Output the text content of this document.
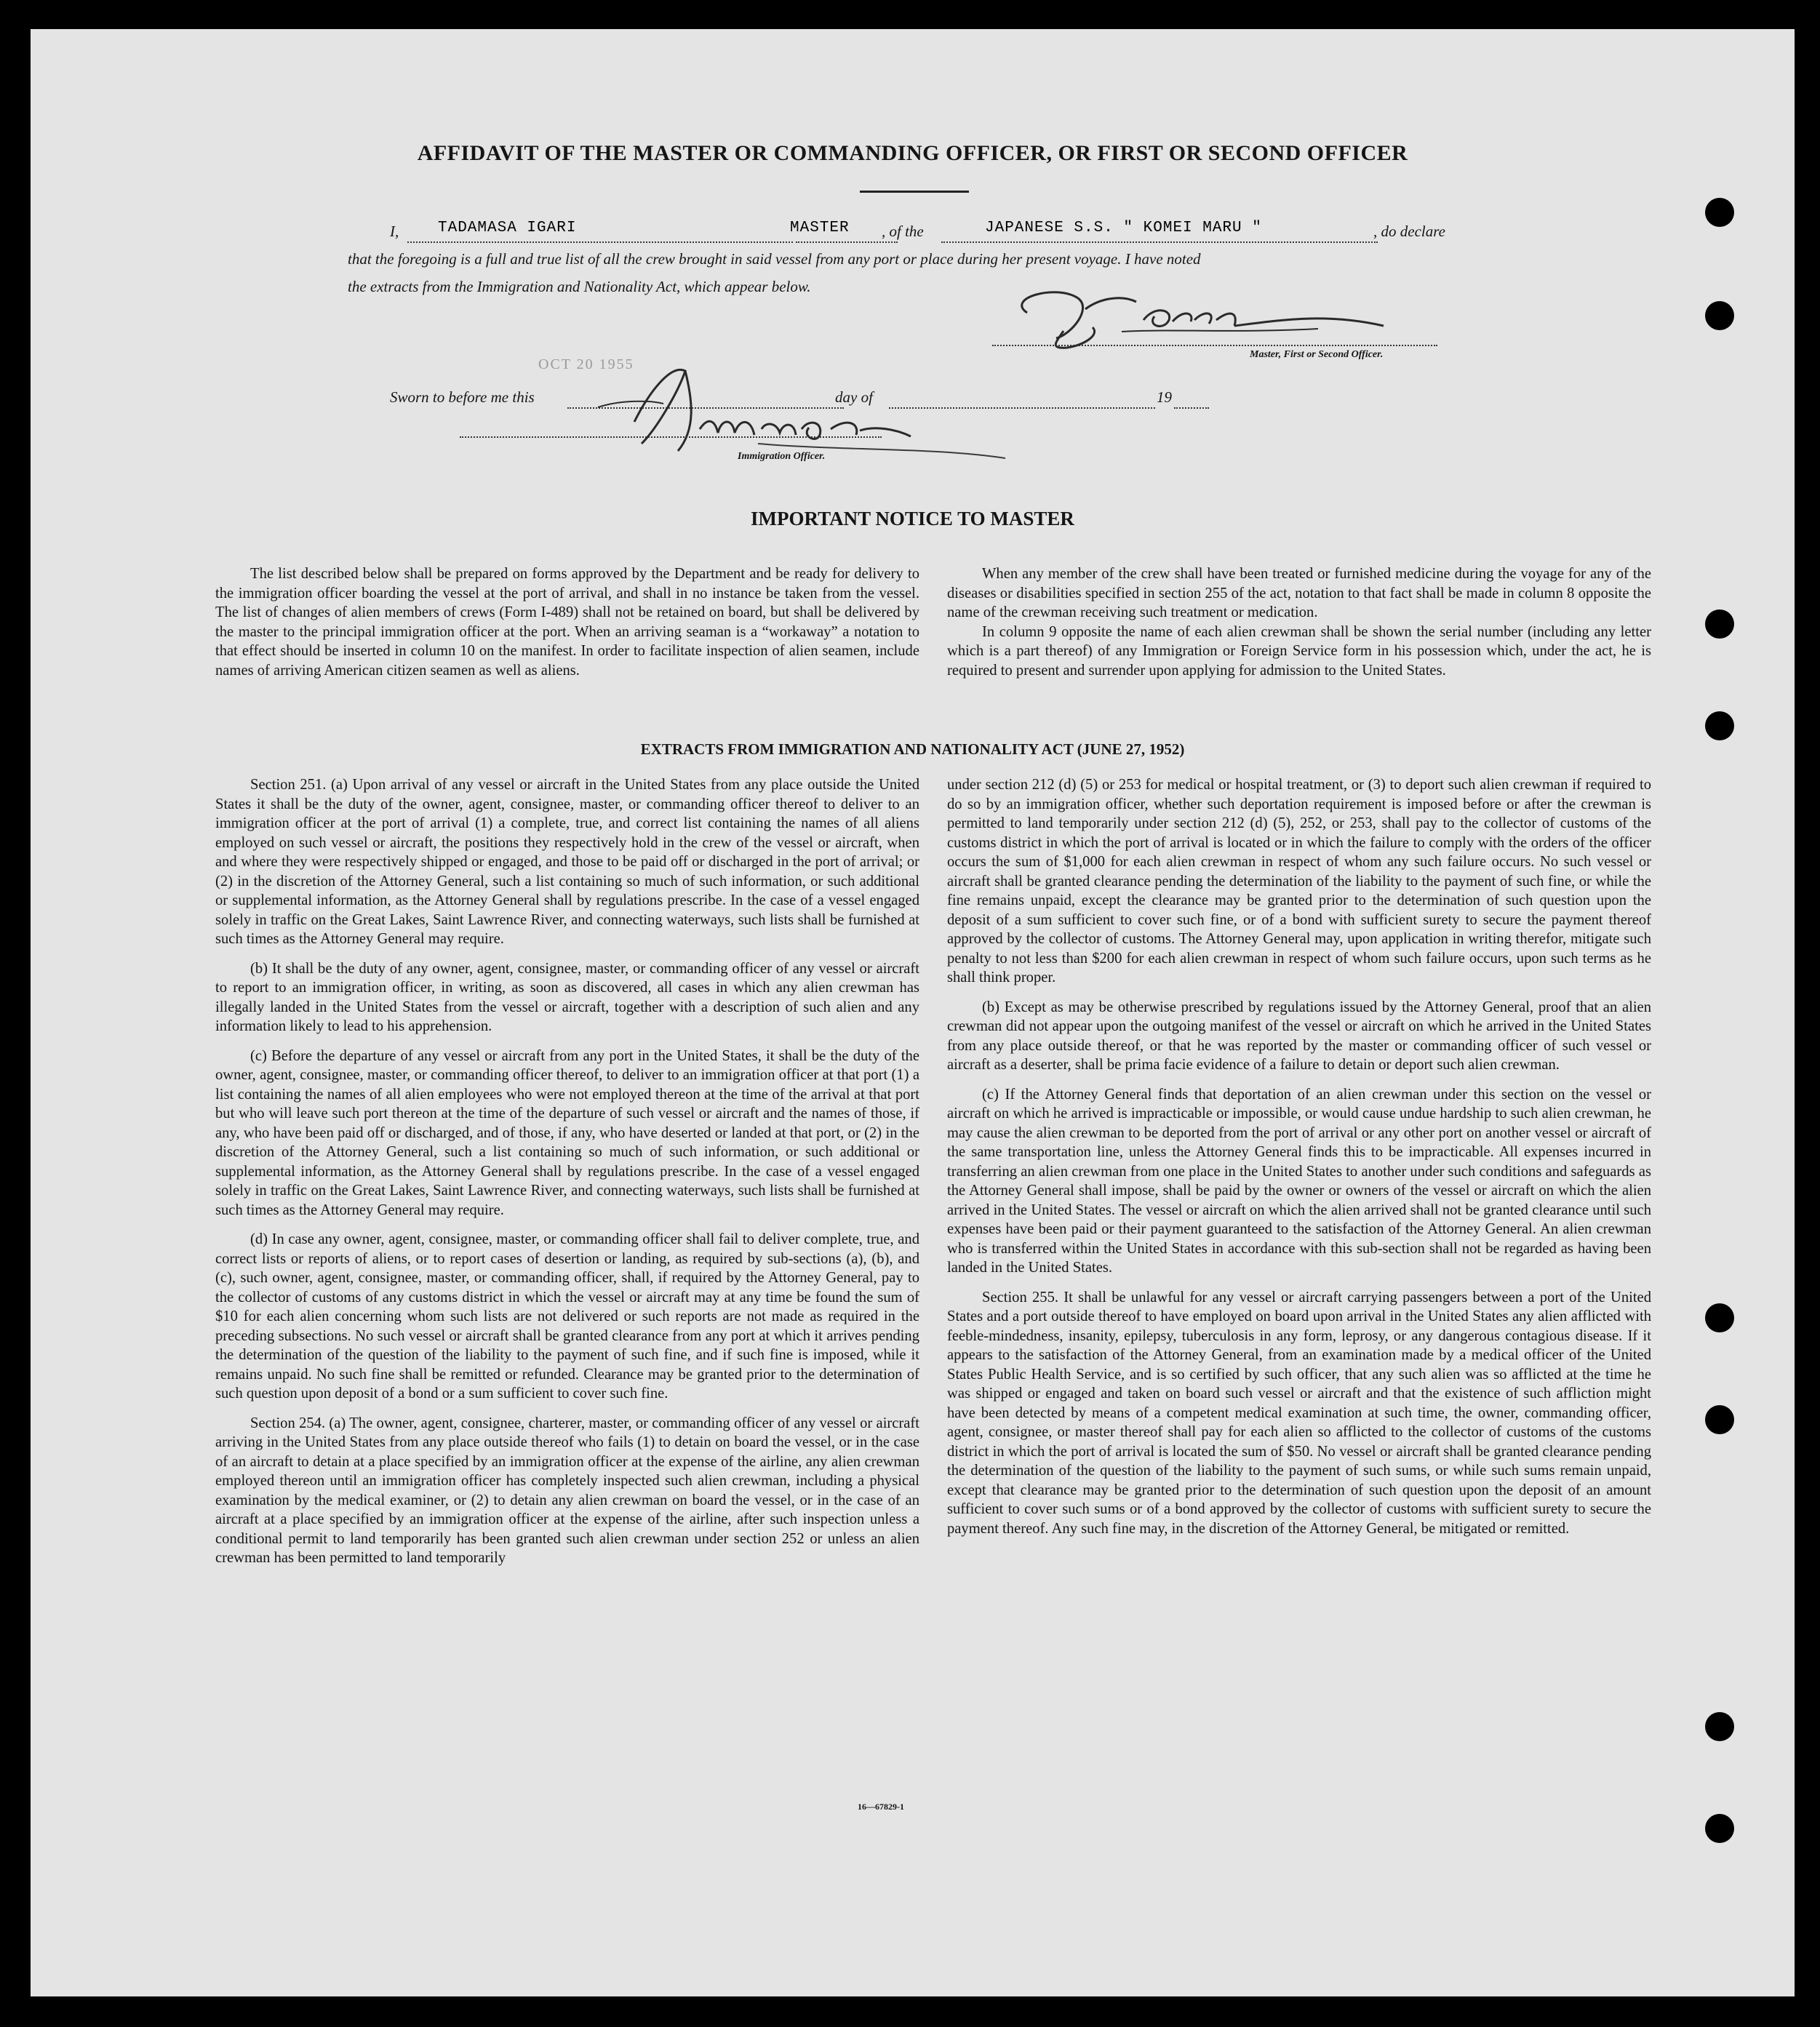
AFFIDAVIT OF THE MASTER OR COMMANDING OFFICER, OR FIRST OR SECOND OFFICER
I,	TADAMASA IGARI	MASTER , of the	JAPANESE S.S. " KOMEI MARU "	, do declare
that the foregoing is a full and true list of all the crew brought in said vessel from any port or place during her present voyage. I have noted
the extracts from the Immigration and Nationality Act, which appear below.
Master, First or Second Officer.
OCT 20 1955
Sworn to before me this	day of	19
Immigration Officer.
IMPORTANT NOTICE TO MASTER

The list described below shall be prepared on forms approved by the Department and be ready for delivery to the immigration officer boarding the vessel at the port of arrival, and shall in no instance be taken from the vessel. The list of changes of alien members of crews (Form I-489) shall not be retained on board, but shall be delivered by the master to the principal immigration officer at the port. When an arriving seaman is a “workaway” a notation to that effect should be inserted in column 10 on the manifest. In order to facilitate inspection of alien seamen, include names of arriving American citizen seamen as well as aliens.

When any member of the crew shall have been treated or furnished medicine during the voyage for any of the diseases or disabilities specified in section 255 of the act, notation to that fact shall be made in column 8 opposite the name of the crewman receiving such treatment or medication.

In column 9 opposite the name of each alien crewman shall be shown the serial number (including any letter which is a part thereof) of any Immigration or Foreign Service form in his possession which, under the act, he is required to present and surrender upon applying for admission to the United States.

EXTRACTS FROM IMMIGRATION AND NATIONALITY ACT (JUNE 27, 1952)

Section 251. (a) Upon arrival of any vessel or aircraft in the United States from any place outside the United States it shall be the duty of the owner, agent, consignee, master, or commanding officer thereof to deliver to an immigration officer at the port of arrival (1) a complete, true, and correct list containing the names of all aliens employed on such vessel or aircraft, the positions they respectively hold in the crew of the vessel or aircraft, when and where they were respectively shipped or engaged, and those to be paid off or discharged in the port of arrival; or (2) in the discretion of the Attorney General, such a list containing so much of such information, or such additional or supplemental information, as the Attorney General shall by regulations prescribe. In the case of a vessel engaged solely in traffic on the Great Lakes, Saint Lawrence River, and connecting waterways, such lists shall be furnished at such times as the Attorney General may require.

(b) It shall be the duty of any owner, agent, consignee, master, or commanding officer of any vessel or aircraft to report to an immigration officer, in writing, as soon as discovered, all cases in which any alien crewman has illegally landed in the United States from the vessel or aircraft, together with a description of such alien and any information likely to lead to his apprehension.

(c) Before the departure of any vessel or aircraft from any port in the United States, it shall be the duty of the owner, agent, consignee, master, or commanding officer thereof, to deliver to an immigration officer at that port (1) a list containing the names of all alien employees who were not employed thereon at the time of the arrival at that port but who will leave such port thereon at the time of the departure of such vessel or aircraft and the names of those, if any, who have been paid off or discharged, and of those, if any, who have deserted or landed at that port, or (2) in the discretion of the Attorney General, such a list containing so much of such information, or such additional or supplemental information, as the Attorney General shall by regulations prescribe. In the case of a vessel engaged solely in traffic on the Great Lakes, Saint Lawrence River, and connecting waterways, such lists shall be furnished at such times as the Attorney General may require.

(d) In case any owner, agent, consignee, master, or commanding officer shall fail to deliver complete, true, and correct lists or reports of aliens, or to report cases of desertion or landing, as required by sub-sections (a), (b), and (c), such owner, agent, consignee, master, or commanding officer, shall, if required by the Attorney General, pay to the collector of customs of any customs district in which the vessel or aircraft may at any time be found the sum of $10 for each alien concerning whom such lists are not delivered or such reports are not made as required in the preceding subsections. No such vessel or aircraft shall be granted clearance from any port at which it arrives pending the determination of the question of the liability to the payment of such fine, and if such fine is imposed, while it remains unpaid. No such fine shall be remitted or refunded. Clearance may be granted prior to the determination of such question upon deposit of a bond or a sum sufficient to cover such fine.

Section 254. (a) The owner, agent, consignee, charterer, master, or commanding officer of any vessel or aircraft arriving in the United States from any place outside thereof who fails (1) to detain on board the vessel, or in the case of an aircraft to detain at a place specified by an immigration officer at the expense of the airline, any alien crewman employed thereon until an immigration officer has completely inspected such alien crewman, including a physical examination by the medical examiner, or (2) to detain any alien crewman on board the vessel, or in the case of an aircraft at a place specified by an immigration officer at the expense of the airline, after such inspection unless a conditional permit to land temporarily has been granted such alien crewman under section 252 or unless an alien crewman has been permitted to land temporarily

under section 212 (d) (5) or 253 for medical or hospital treatment, or (3) to deport such alien crewman if required to do so by an immigration officer, whether such deportation requirement is imposed before or after the crewman is permitted to land temporarily under section 212 (d) (5), 252, or 253, shall pay to the collector of customs of the customs district in which the port of arrival is located or in which the failure to comply with the orders of the officer occurs the sum of $1,000 for each alien crewman in respect of whom any such failure occurs. No such vessel or aircraft shall be granted clearance pending the determination of the liability to the payment of such fine, or while the fine remains unpaid, except the clearance may be granted prior to the determination of such question upon the deposit of a sum sufficient to cover such fine, or of a bond with sufficient surety to secure the payment thereof approved by the collector of customs. The Attorney General may, upon application in writing therefor, mitigate such penalty to not less than $200 for each alien crewman in respect of whom such failure occurs, upon such terms as he shall think proper.

(b) Except as may be otherwise prescribed by regulations issued by the Attorney General, proof that an alien crewman did not appear upon the outgoing manifest of the vessel or aircraft on which he arrived in the United States from any place outside thereof, or that he was reported by the master or commanding officer of such vessel or aircraft as a deserter, shall be prima facie evidence of a failure to detain or deport such alien crewman.

(c) If the Attorney General finds that deportation of an alien crewman under this section on the vessel or aircraft on which he arrived is impracticable or impossible, or would cause undue hardship to such alien crewman, he may cause the alien crewman to be deported from the port of arrival or any other port on another vessel or aircraft of the same transportation line, unless the Attorney General finds this to be impracticable. All expenses incurred in transferring an alien crewman from one place in the United States to another under such conditions and safeguards as the Attorney General shall impose, shall be paid by the owner or owners of the vessel or aircraft on which the alien arrived in the United States. The vessel or aircraft on which the alien arrived shall not be granted clearance until such expenses have been paid or their payment guaranteed to the satisfaction of the Attorney General. An alien crewman who is transferred within the United States in accordance with this sub-section shall not be regarded as having been landed in the United States.

Section 255. It shall be unlawful for any vessel or aircraft carrying passengers between a port of the United States and a port outside thereof to have employed on board upon arrival in the United States any alien afflicted with feeble-mindedness, insanity, epilepsy, tuberculosis in any form, leprosy, or any dangerous contagious disease. If it appears to the satisfaction of the Attorney General, from an examination made by a medical officer of the United States Public Health Service, and is so certified by such officer, that any such alien was so afflicted at the time he was shipped or engaged and taken on board such vessel or aircraft and that the existence of such affliction might have been detected by means of a competent medical examination at such time, the owner, commanding officer, agent, consignee, or master thereof shall pay for each alien so afflicted to the collector of customs of the customs district in which the port of arrival is located the sum of $50. No vessel or aircraft shall be granted clearance pending the determination of the question of the liability to the payment of such sums, or while such sums remain unpaid, except that clearance may be granted prior to the determination of such question upon the deposit of an amount sufficient to cover such sums or of a bond approved by the collector of customs with sufficient surety to secure the payment thereof. Any such fine may, in the discretion of the Attorney General, be mitigated or remitted.

16—67829-1
